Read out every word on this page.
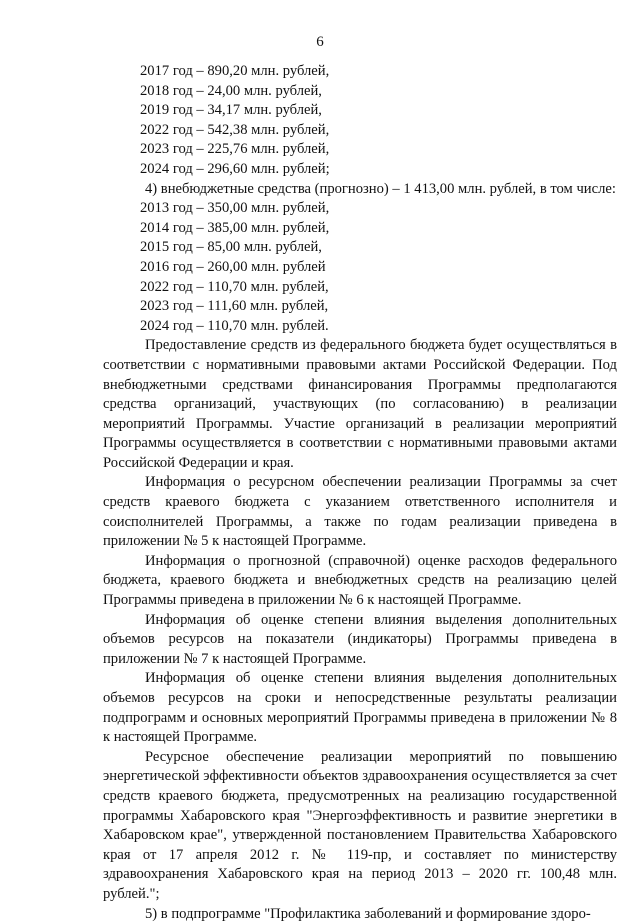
6
2017 год – 890,20 млн. рублей,
2018 год – 24,00 млн. рублей,
2019 год – 34,17 млн. рублей,
2022 год – 542,38 млн. рублей,
2023 год – 225,76 млн. рублей,
2024 год – 296,60 млн. рублей;

4) внебюджетные средства (прогнозно) – 1 413,00 млн. рублей, в том числе:

2013 год – 350,00 млн. рублей,
2014 год – 385,00 млн. рублей,
2015 год – 85,00 млн. рублей,
2016 год – 260,00 млн. рублей
2022 год – 110,70 млн. рублей,
2023 год – 111,60 млн. рублей,
2024 год – 110,70 млн. рублей.

Предоставление средств из федерального бюджета будет осуществляться в соответствии с нормативными правовыми актами Российской Федерации. Под внебюджетными средствами финансирования Программы предполагаются средства организаций, участвующих (по согласованию) в реализации мероприятий Программы. Участие организаций в реализации мероприятий Программы осуществляется в соответствии с нормативными правовыми актами Российской Федерации и края.

Информация о ресурсном обеспечении реализации Программы за счет средств краевого бюджета с указанием ответственного исполнителя и соисполнителей Программы, а также по годам реализации приведена в приложении № 5 к настоящей Программе.

Информация о прогнозной (справочной) оценке расходов федерального бюджета, краевого бюджета и внебюджетных средств на реализацию целей Программы приведена в приложении № 6 к настоящей Программе.

Информация об оценке степени влияния выделения дополнительных объемов ресурсов на показатели (индикаторы) Программы приведена в приложении № 7 к настоящей Программе.

Информация об оценке степени влияния выделения дополнительных объемов ресурсов на сроки и непосредственные результаты реализации подпрограмм и основных мероприятий Программы приведена в приложении № 8 к настоящей Программе.

Ресурсное обеспечение реализации мероприятий по повышению энергетической эффективности объектов здравоохранения осуществляется за счет средств краевого бюджета, предусмотренных на реализацию государственной программы Хабаровского края "Энергоэффективность и развитие энергетики в Хабаровском крае", утвержденной постановлением Правительства Хабаровского края от 17 апреля 2012 г. № 119-пр, и составляет по министерству здравоохранения Хабаровского края на период 2013 – 2020 гг. 100,48 млн. рублей.";

5) в подпрограмме "Профилактика заболеваний и формирование здоро-
